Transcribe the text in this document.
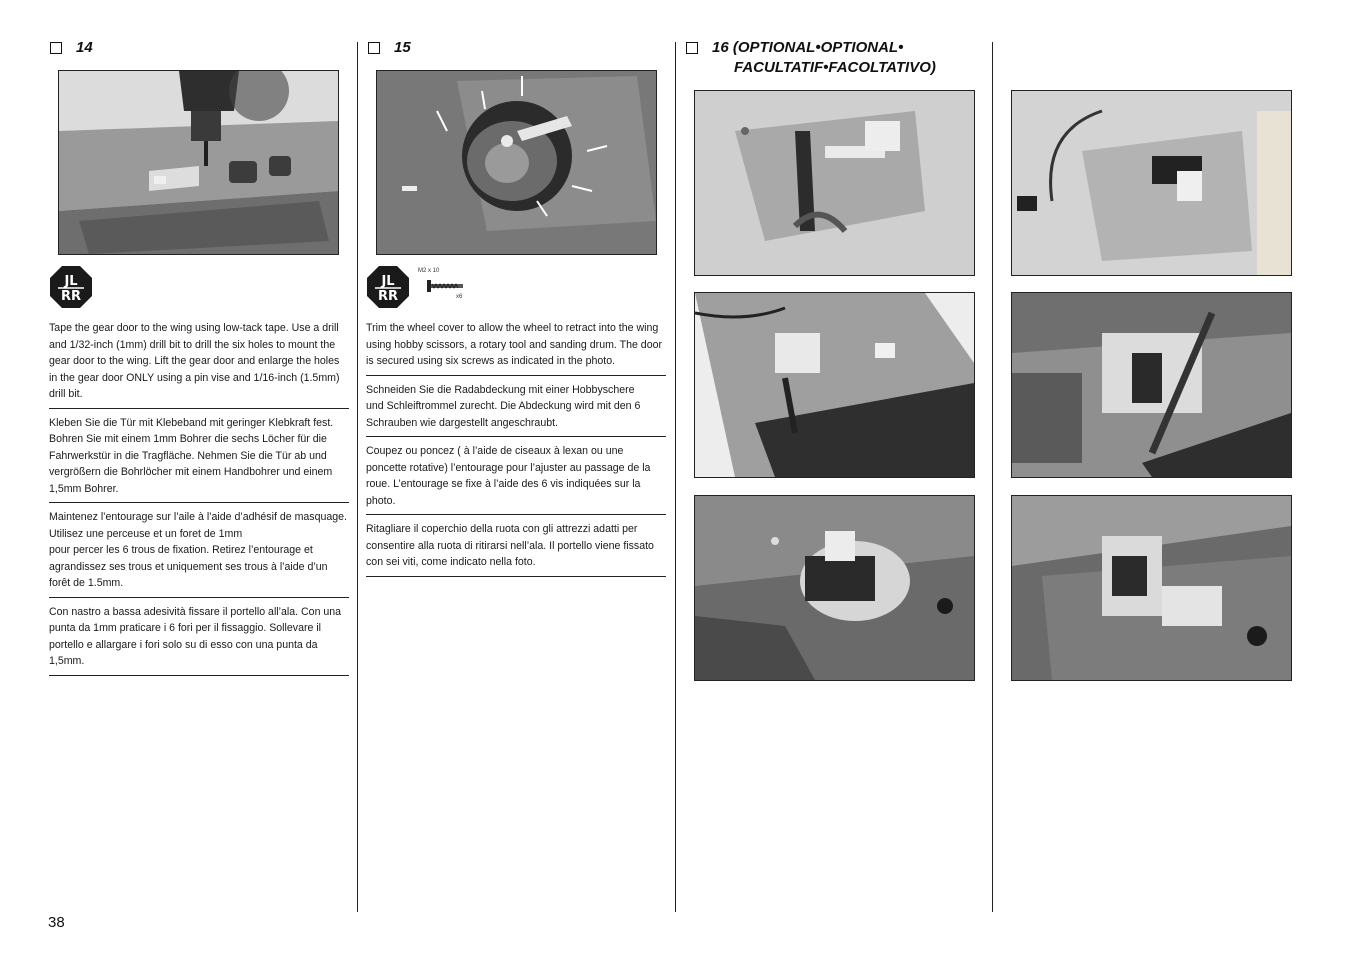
14	15	16 (OPTIONAL•OPTIONAL•
FACULTATIF•FACOLTATIVO)
JL
RR
JL
RR
M2 x 10
x6
Tape the gear door to the wing using low-tack tape. Use a drill and 1/32-inch (1mm) drill bit to drill the six holes to mount the gear door to the wing. Lift the gear door and enlarge the holes in the gear door ONLY using a pin vise and 1/16-inch (1.5mm) drill bit.
Kleben Sie die Tür mit Klebeband mit geringer Klebkraft fest. Bohren Sie mit einem 1mm Bohrer die sechs Löcher für die Fahrwerkstür in die Tragfläche. Nehmen Sie die Tür ab und vergrößern die Bohrlöcher mit einem Handbohrer und einem 1,5mm Bohrer.
Maintenez l’entourage sur l’aile à l’aide d’adhésif de masquage. Utilisez une perceuse et un foret de 1mm
pour percer les 6 trous de fixation. Retirez l’entourage et agrandissez ses trous et uniquement ses trous à l’aide d’un forêt de 1.5mm.
Con nastro a bassa adesività fissare il portello all’ala. Con una punta da 1mm praticare i 6 fori per il fissaggio. Sollevare il portello e allargare i fori solo su di esso con una punta da 1,5mm.
Trim the wheel cover to allow the wheel to retract into the wing using hobby scissors, a rotary tool and sanding drum. The door is secured using six screws as indicated in the photo.
Schneiden Sie die Radabdeckung mit einer Hobbyschere
und Schleiftrommel zurecht. Die Abdeckung wird mit den 6 Schrauben wie dargestellt angeschraubt.
Coupez ou poncez ( à l’aide de ciseaux à lexan ou une poncette rotative) l’entourage pour l’ajuster au passage de la roue. L’entourage se fixe à l’aide des 6 vis indiquées sur la photo.
Ritagliare il coperchio della ruota con gli attrezzi adatti per consentire alla ruota di ritirarsi nell’ala. Il portello viene fissato con sei viti, come indicato nella foto.
38
